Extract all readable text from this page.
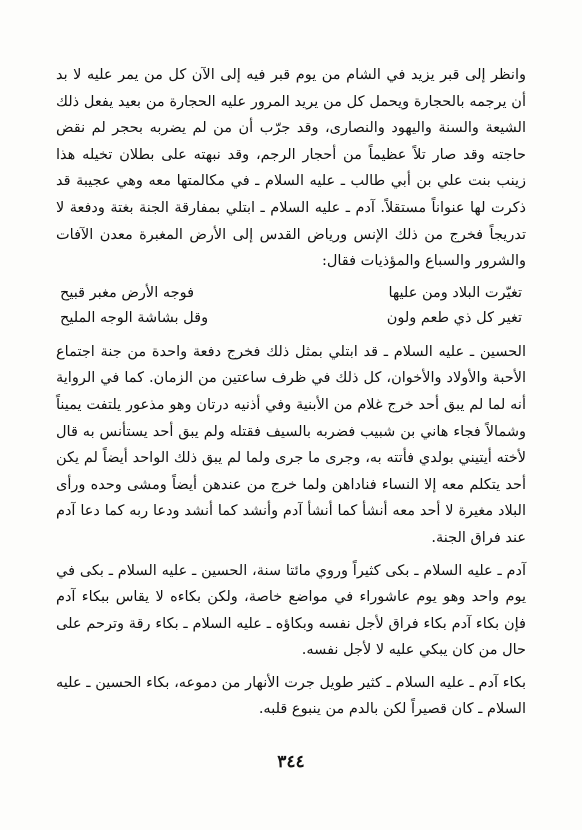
وانظر إلى قبر يزيد في الشام من يوم قبر فيه إلى الآن كل من يمر عليه لا بد أن يرجمه بالحجارة ويحمل كل من يريد المرور عليه الحجارة من بعيد يفعل ذلك الشيعة والسنة واليهود والنصارى، وقد جرّب أن من لم يضربه بحجر لم نقض حاجته وقد صار تلاً عظيماً من أحجار الرجم، وقد نبهته على بطلان تخيله هذا زينب بنت علي بن أبي طالب ـ عليه السلام ـ في مكالمتها معه وهي عجيبة قد ذكرت لها عنواناً مستقلاً. آدم ـ عليه السلام ـ ابتلي بمفارقة الجنة بغتة ودفعة لا تدريجاً فخرج من ذلك الإنس ورياض القدس إلى الأرض المغبرة معدن الآفات والشرور والسباع والمؤذيات فقال:

تغيّرت البلاد ومن عليها
فوجه الأرض مغبر قبيح
تغير كل ذي طعم ولون
وقل بشاشة الوجه المليح

الحسين ـ عليه السلام ـ قد ابتلي بمثل ذلك فخرج دفعة واحدة من جنة اجتماع الأحبة والأولاد والأخوان، كل ذلك في ظرف ساعتين من الزمان. كما في الرواية أنه لما لم يبق أحد خرج غلام من الأبنية وفي أذنيه درتان وهو مذعور يلتفت يميناً وشمالاً فجاء هاني بن شبيب فضربه بالسيف فقتله ولم يبق أحد يستأنس به قال لأخته أيتيني بولدي فأتته به، وجرى ما جرى ولما لم يبق ذلك الواحد أيضاً لم يكن أحد يتكلم معه إلا النساء فناداهن ولما خرج من عندهن أيضاً ومشى وحده ورأى البلاد مغيرة لا أحد معه أنشأ كما أنشأ آدم وأنشد كما أنشد ودعا ربه كما دعا آدم عند فراق الجنة.

آدم ـ عليه السلام ـ بكى كثيراً وروي مائتا سنة، الحسين ـ عليه السلام ـ بكى في يوم واحد وهو يوم عاشوراء في مواضع خاصة، ولكن بكاءه لا يقاس ببكاء آدم فإن بكاء آدم بكاء فراق لأجل نفسه وبكاؤه ـ عليه السلام ـ بكاء رقة وترحم على حال من كان يبكي عليه لا لأجل نفسه.

بكاء آدم ـ عليه السلام ـ كثير طويل جرت الأنهار من دموعه، بكاء الحسين ـ عليه السلام ـ كان قصيراً لكن بالدم من ينبوع قلبه.

٣٤٤
